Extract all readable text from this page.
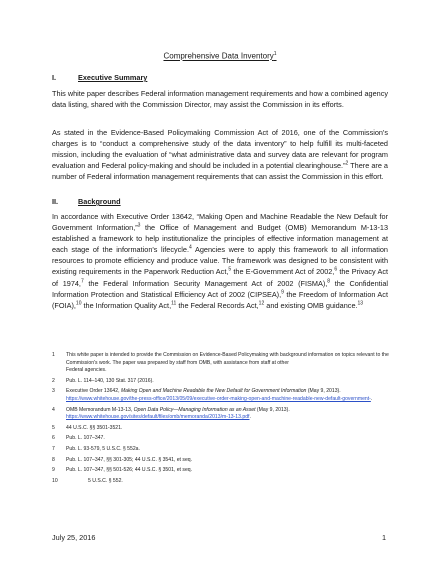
Comprehensive Data Inventory$^1$
I.	Executive Summary
This white paper describes Federal information management requirements and how a combined agency data listing, shared with the Commission Director, may assist the Commission in its efforts.
As stated in the Evidence-Based Policymaking Commission Act of 2016, one of the Commission's charges is to “conduct a comprehensive study of the data inventory” to help fulfill its multi-faceted mission, including the evaluation of “what administrative data and survey data are relevant for program evaluation and Federal policy-making and should be included in a potential clearinghouse.”$^2$ There are a number of Federal information management requirements that can assist the Commission in this effort.
II.	Background
In accordance with Executive Order 13642, “Making Open and Machine Readable the New Default for Government Information,”$^3$ the Office of Management and Budget (OMB) Memorandum M-13-13 established a framework to help institutionalize the principles of effective information management at each stage of the information's lifecycle.$^4$ Agencies were to apply this framework to all information resources to promote efficiency and produce value. The framework was designed to be consistent with existing requirements in the Paperwork Reduction Act,$^5$ the E-Government Act of 2002,$^6$ the Privacy Act of 1974,$^7$ the Federal Information Security Management Act of 2002 (FISMA),$^8$ the Confidential Information Protection and Statistical Efficiency Act of 2002 (CIPSEA),$^9$ the Freedom of Information Act (FOIA),$^{10}$ the Information Quality Act,$^{11}$ the Federal Records Act,$^{12}$ and existing OMB guidance.$^{13}$
1	This white paper is intended to provide the Commission on Evidence-Based Policymaking with background information on topics relevant to the Commission's work. The paper was prepared by staff from OMB, with assistance from staff at other
Federal agencies.
2	Pub. L. 114–140, 130 Stat. 317 (2016).
3	Executive Order 13642, Making Open and Machine Readable the New Default for Government Information (May 9, 2013). https://www.whitehouse.gov/the-press-office/2013/05/09/executive-order-making-open-and-machine-readable-new-default-government-.
4	OMB Memorandum M-13-13, Open Data Policy—Managing Information as an Asset (May 9, 2013). https://www.whitehouse.gov/sites/default/files/omb/memoranda/2013/m-13-13.pdf.
5	44 U.S.C. §§ 3501-3521.
6	Pub. L. 107–347.
7	Pub. L. 93-579, 5 U.S.C. § 552a.
8	Pub. L. 107–347, §§ 301-305; 44 U.S.C. § 3541, et seq.
9	Pub. L. 107–347, §§ 501-526; 44 U.S.C. § 3501, et seq.
10	5 U.S.C. § 552.
July 25, 2016	1
